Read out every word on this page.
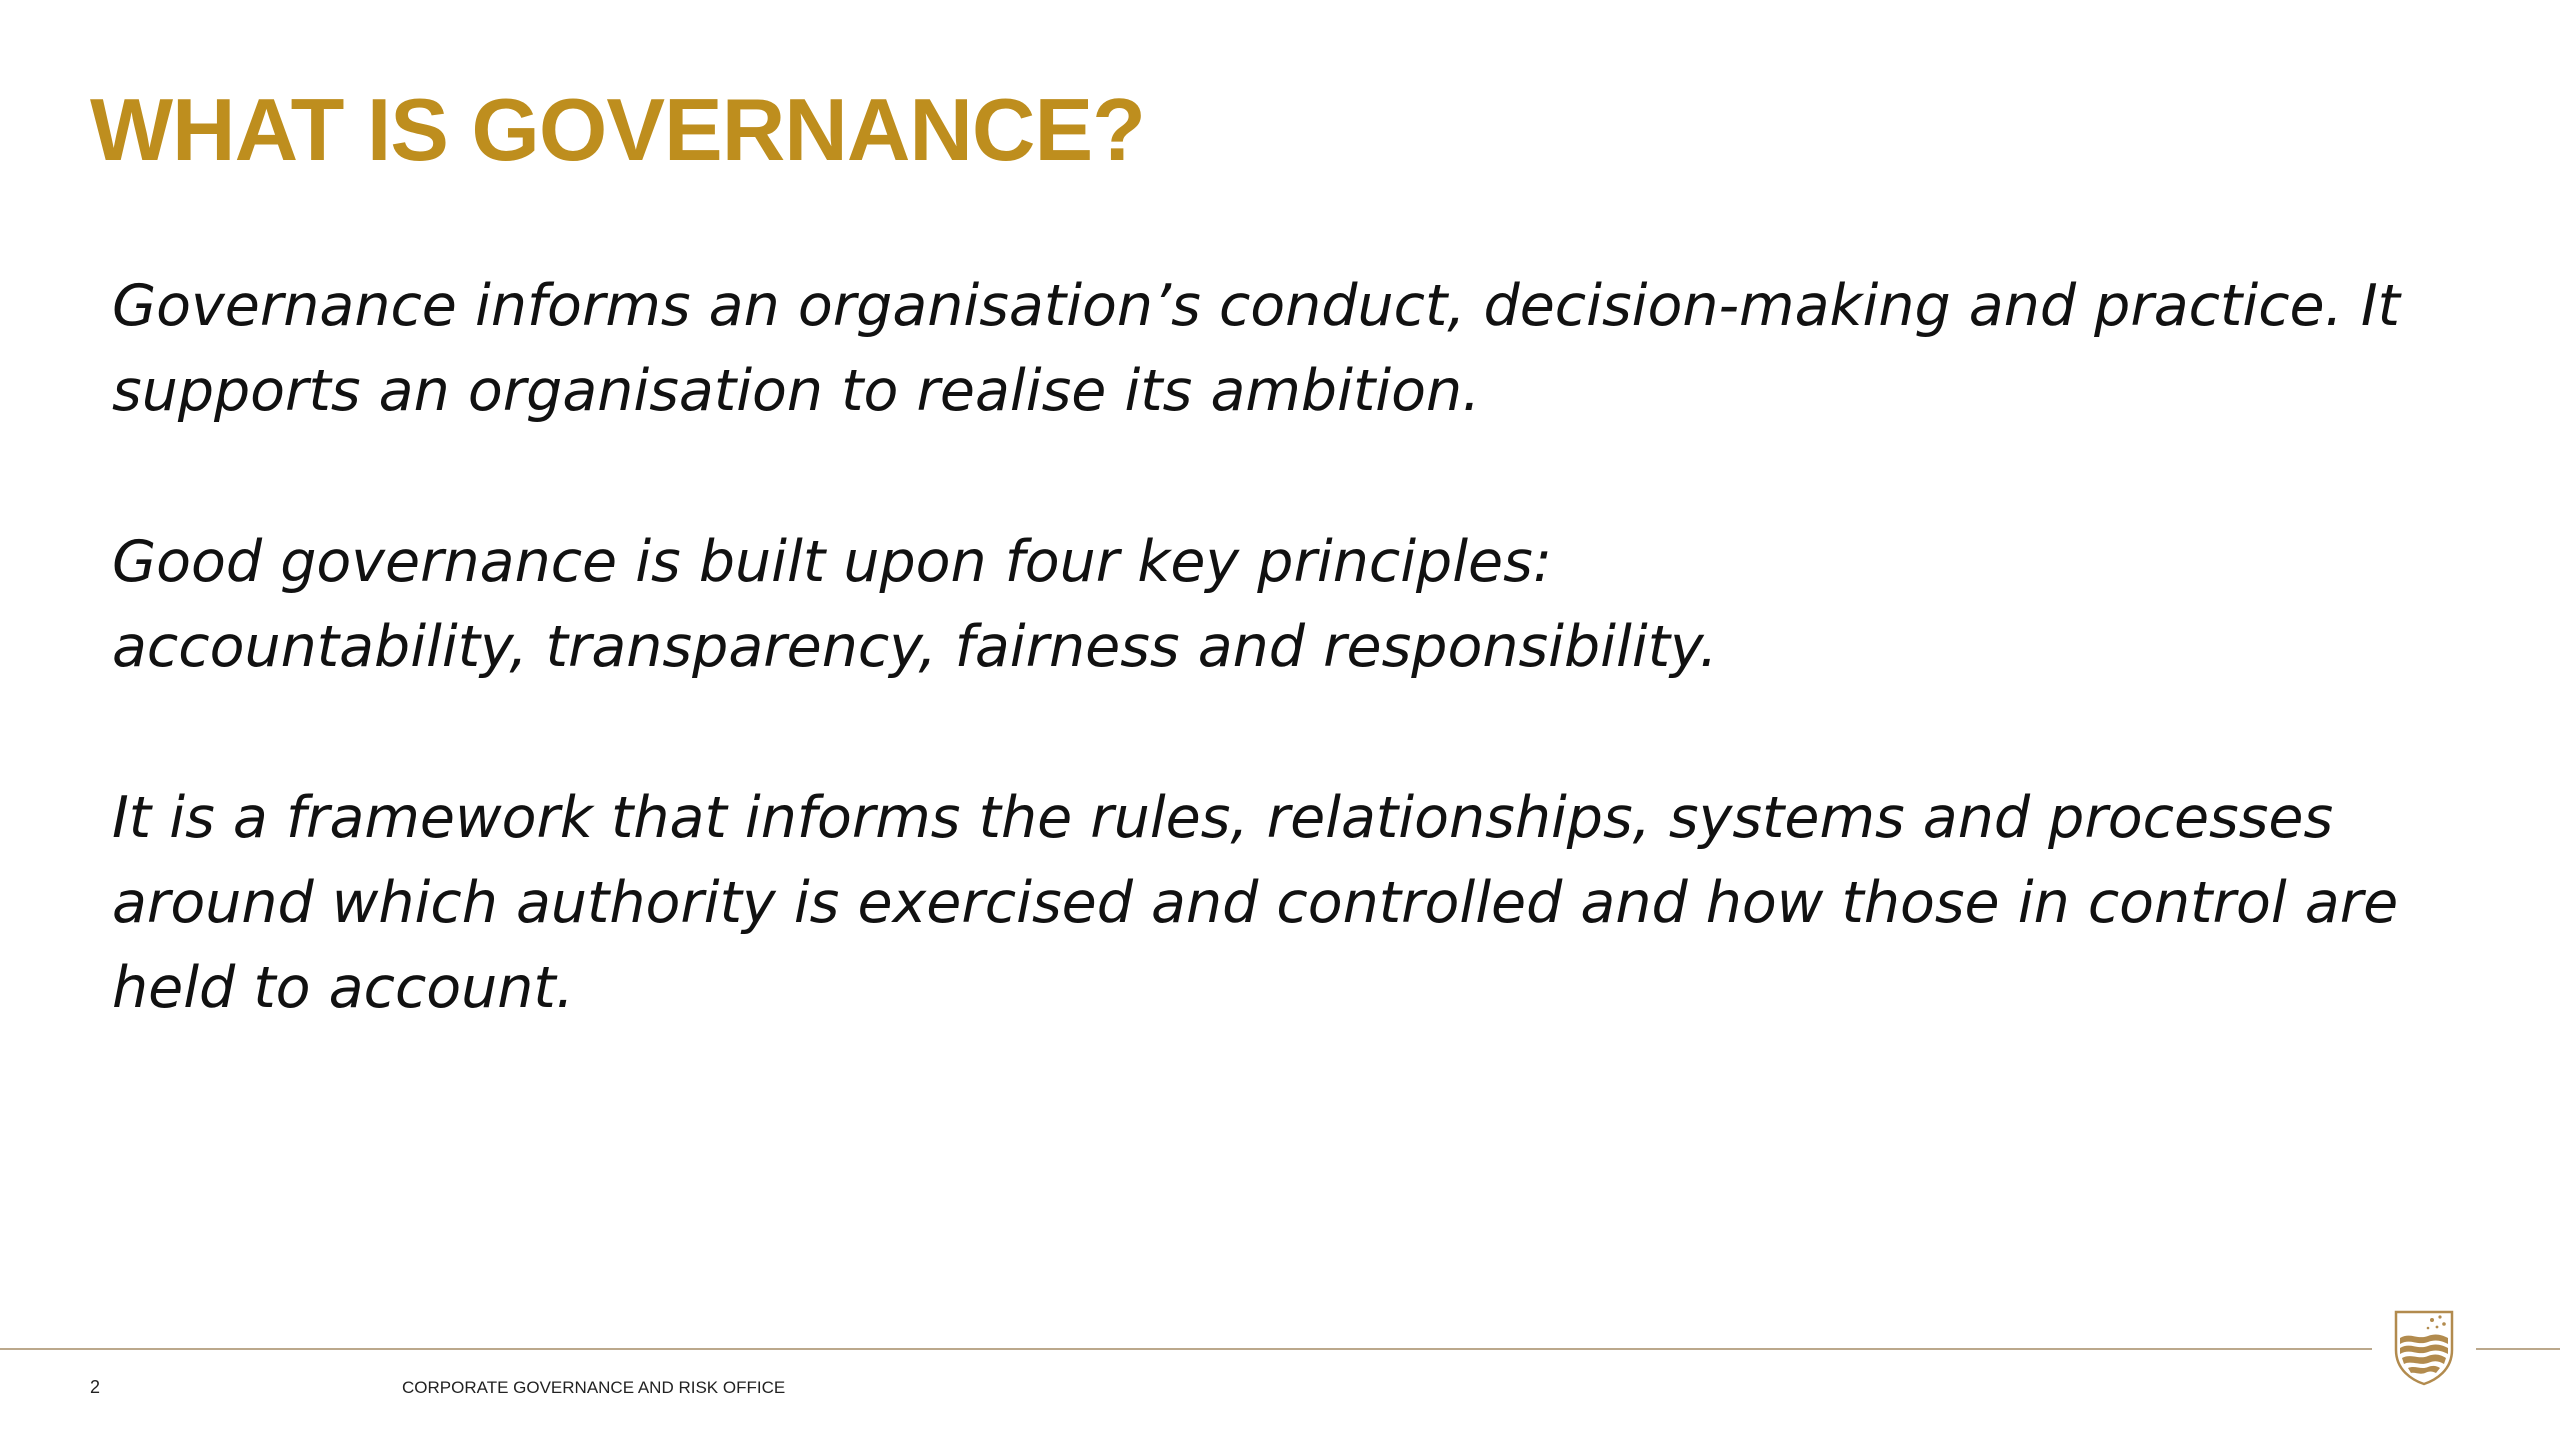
WHAT IS GOVERNANCE?

Governance informs an organisation’s conduct, decision-making and practice. It
supports an organisation to realise its ambition.

Good governance is built upon four key principles:
accountability, transparency, fairness and responsibility.

It is a framework that informs the rules, relationships, systems and processes
around which authority is exercised and controlled and how those in control are
held to account.

2	CORPORATE GOVERNANCE AND RISK OFFICE
